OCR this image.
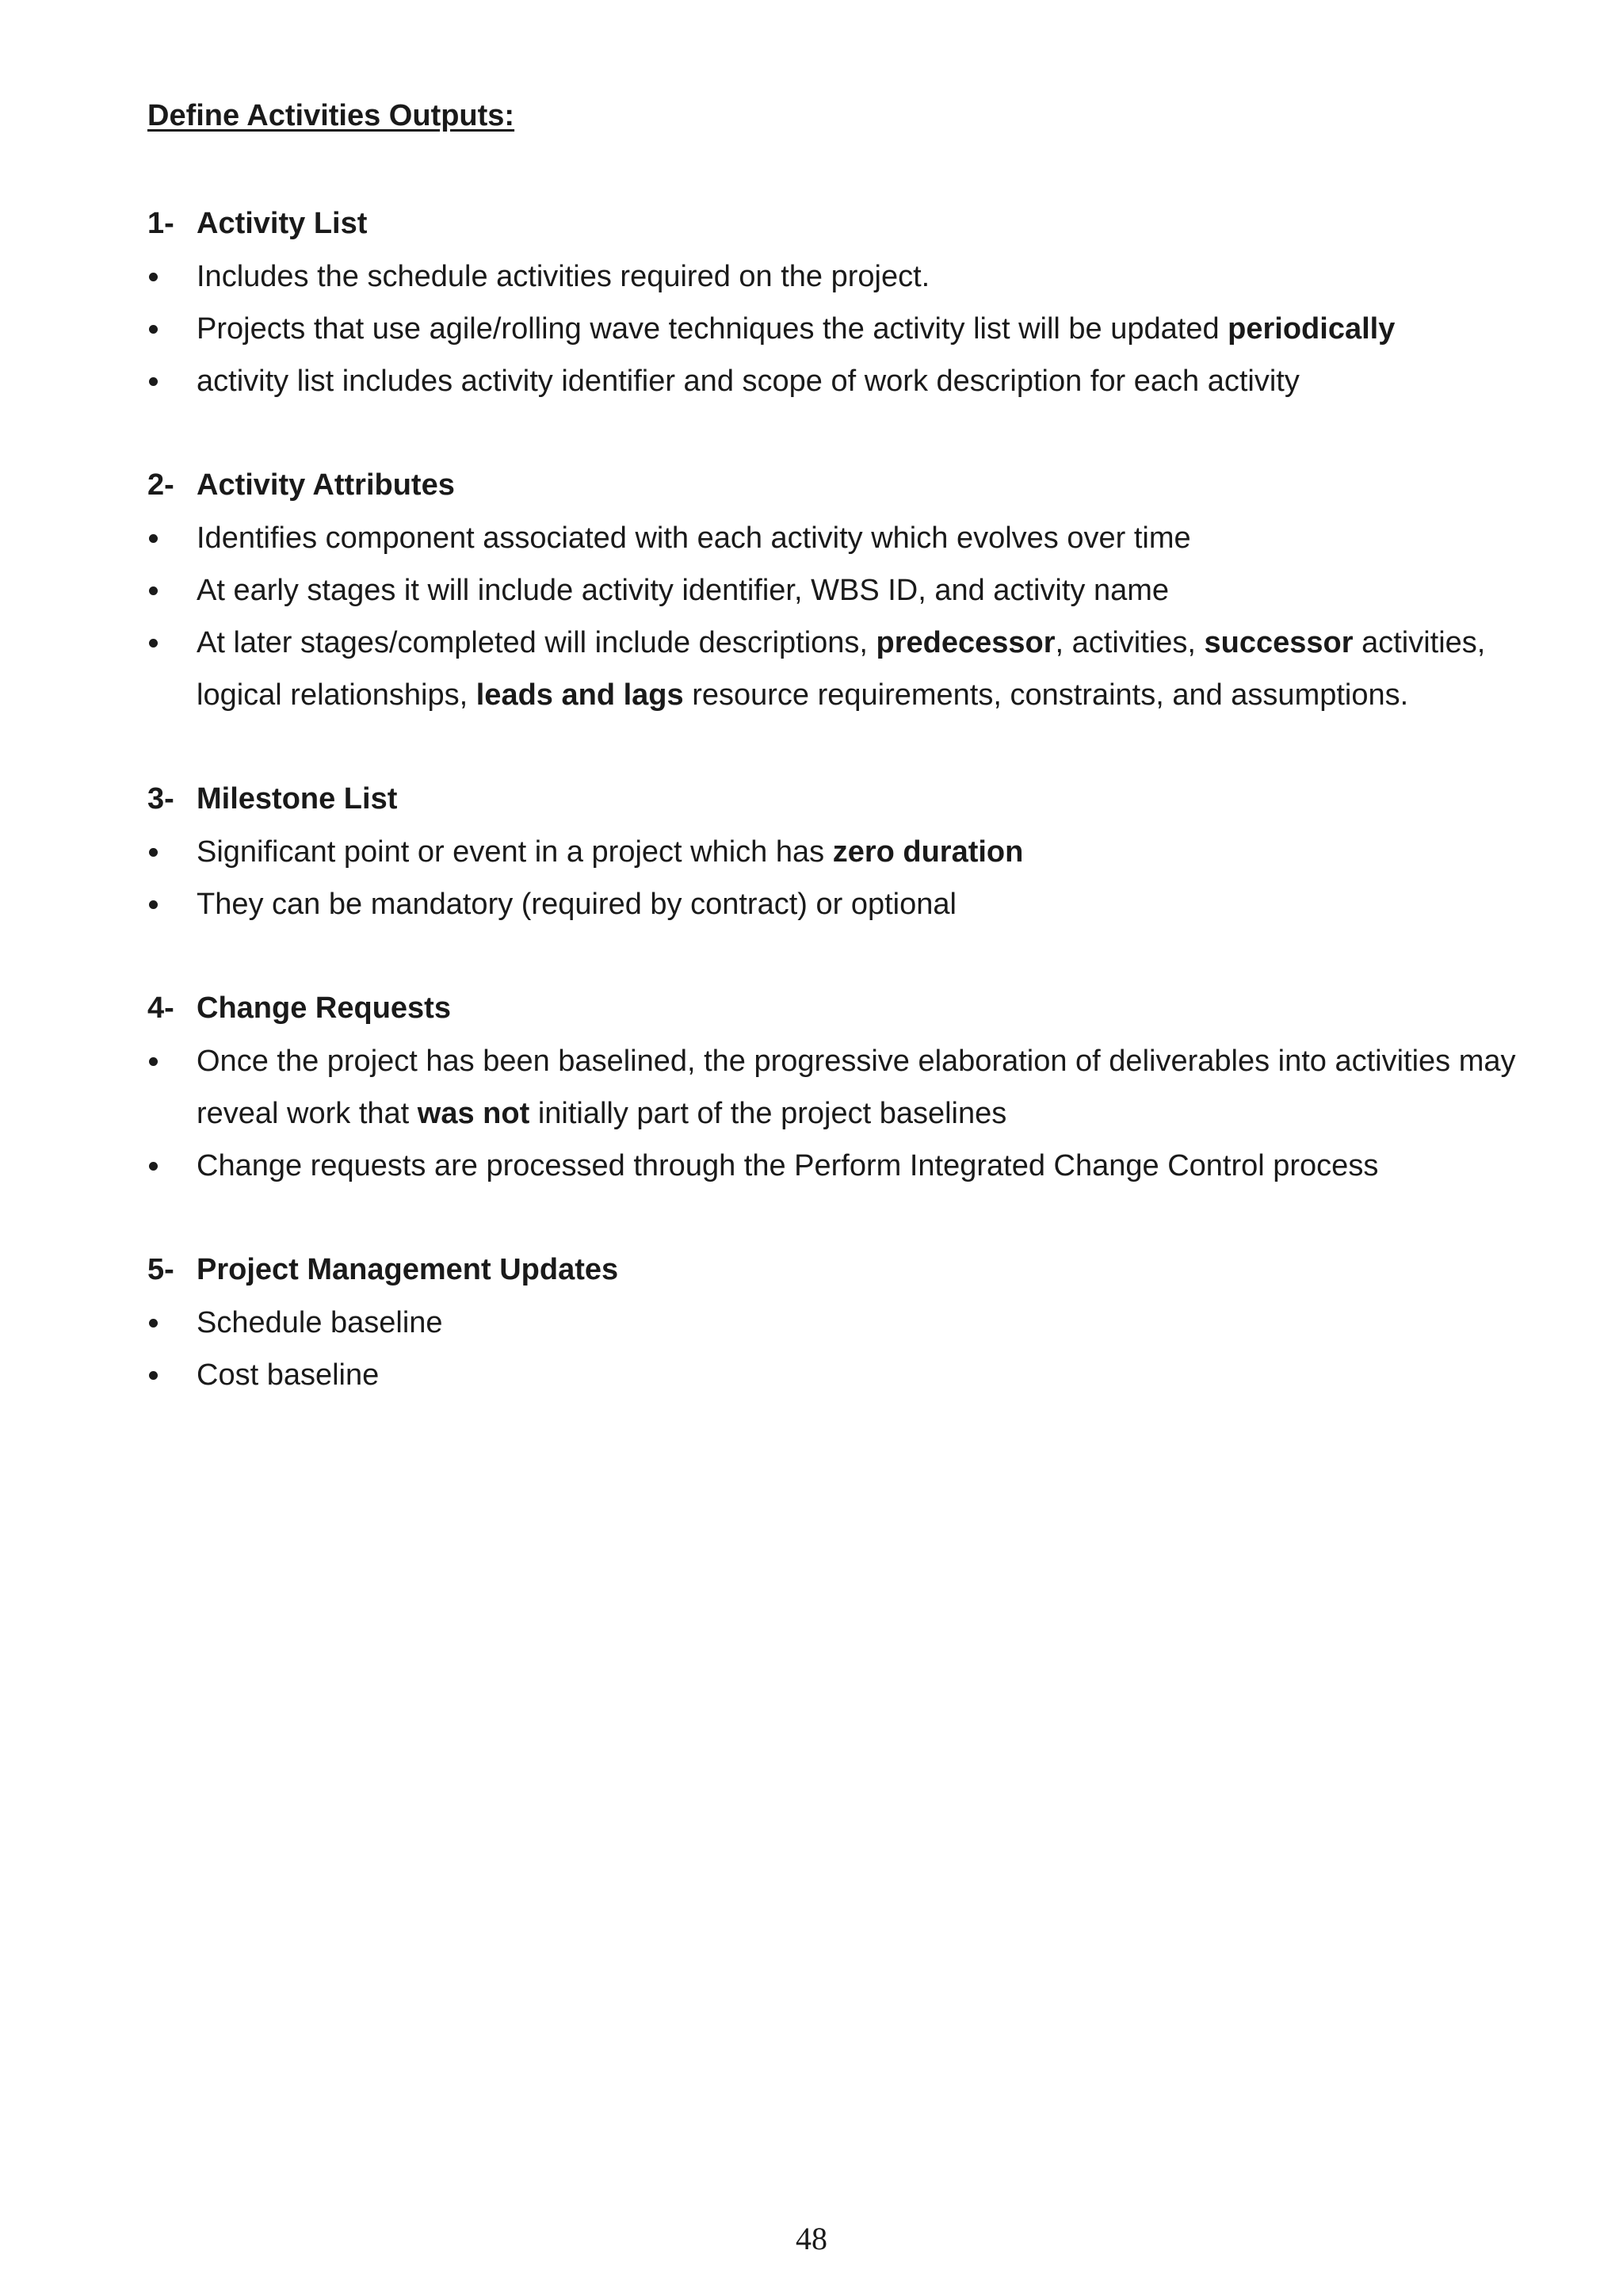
Define Activities Outputs:
1- Activity List
Includes the schedule activities required on the project.
Projects that use agile/rolling wave techniques the activity list will be updated periodically
activity list includes activity identifier and scope of work description for each activity
2- Activity Attributes
Identifies component associated with each activity which evolves over time
At early stages it will include activity identifier, WBS ID, and activity name
At later stages/completed will include descriptions, predecessor, activities, successor activities, logical relationships, leads and lags resource requirements, constraints, and assumptions.
3- Milestone List
Significant point or event in a project which has zero duration
They can be mandatory (required by contract) or optional
4- Change Requests
Once the project has been baselined, the progressive elaboration of deliverables into activities may reveal work that was not initially part of the project baselines
Change requests are processed through the Perform Integrated Change Control process
5- Project Management Updates
Schedule baseline
Cost baseline
48
